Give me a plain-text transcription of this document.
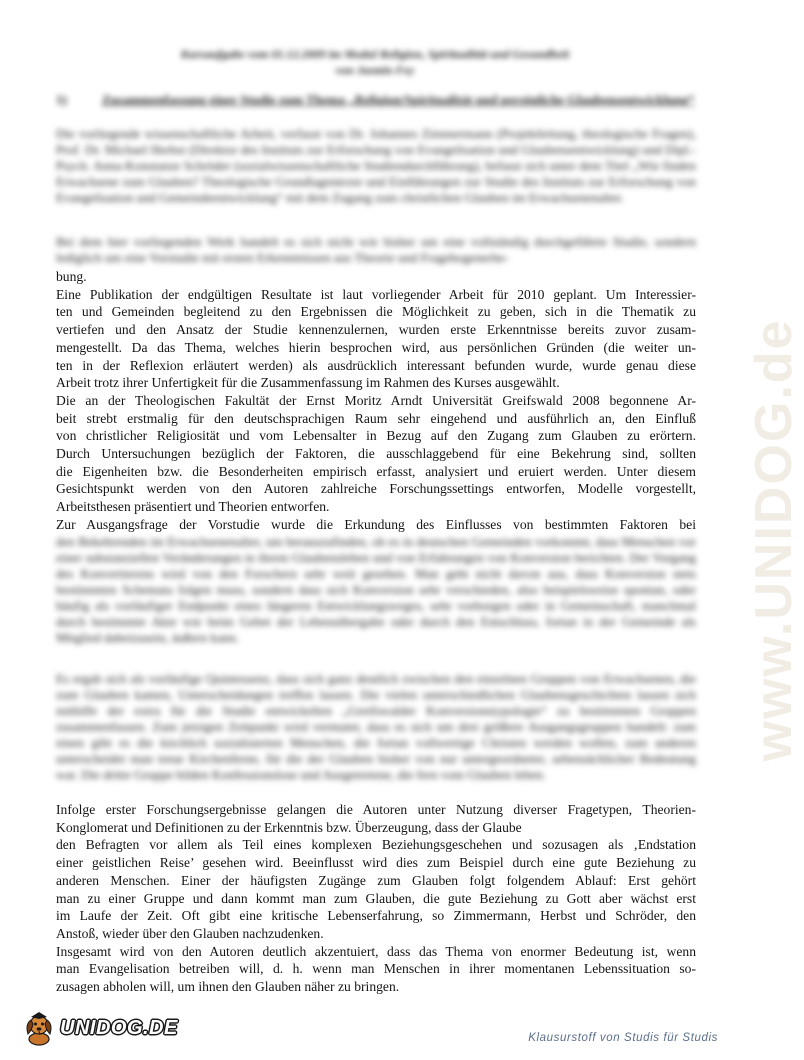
www.UNIDOG.de
Kursaufgabe vom 01.12.2009 im Modul Religion, Spiritualität und Gesundheit
von Jasmin Fey
1)	Zusammenfassung einer Studie zum Thema „Religion/Spiritualität und persönliche Glaubensentwicklung“

Die vorliegende wissenschaftliche Arbeit, verfasst von Dr. Johannes Zimmermann (Projektleitung, theologische Fragen), Prof. Dr. Michael Herbst (Direktor des Instituts zur Erforschung von Evangelisation und Glaubensentwicklung) und Dipl.-Psych. Anna-Konstanze Schröder (sozialwissenschaftliche Studiendurchführung), befasst sich unter dem Titel „Wie finden Erwachsene zum Glauben? Theologische Grundlagentexte und Einführungen zur Studie des Instituts zur Erforschung von Evangelisation und Gemeindeentwicklung“ mit dem Zugang zum christlichen Glauben im Erwachsenenalter.

Bei dem hier vorliegenden Werk handelt es sich nicht wie bisher um eine vollständig durchgeführte Studie, sondern lediglich um eine Vorstudie mit ersten Erkenntnissen aus Theorie und Fragebogenerhe-

bung.
Eine Publikation der endgültigen Resultate ist laut vorliegender Arbeit für 2010 geplant. Um Interessier-
ten und Gemeinden begleitend zu den Ergebnissen die Möglichkeit zu geben, sich in die Thematik zu
vertiefen und den Ansatz der Studie kennenzulernen, wurden erste Erkenntnisse bereits zuvor zusam-
mengestellt. Da das Thema, welches hierin besprochen wird, aus persönlichen Gründen (die weiter un-
ten in der Reflexion erläutert werden) als ausdrücklich interessant befunden wurde, wurde genau diese
Arbeit trotz ihrer Unfertigkeit für die Zusammenfassung im Rahmen des Kurses ausgewählt.
Die an der Theologischen Fakultät der Ernst Moritz Arndt Universität Greifswald 2008 begonnene Ar-
beit strebt erstmalig für den deutschsprachigen Raum sehr eingehend und ausführlich an, den Einfluß
von christlicher Religiosität und vom Lebensalter in Bezug auf den Zugang zum Glauben zu erörtern.
Durch Untersuchungen bezüglich der Faktoren, die ausschlaggebend für eine Bekehrung sind, sollten
die Eigenheiten bzw. die Besonderheiten empirisch erfasst, analysiert und eruiert werden. Unter diesem
Gesichtspunkt werden von den Autoren zahlreiche Forschungssettings entworfen, Modelle vorgestellt,
Arbeitsthesen präsentiert und Theorien entworfen.
Zur Ausgangsfrage der Vorstudie wurde die Erkundung des Einflusses von bestimmten Faktoren bei

den Bekehrenden im Erwachsenenalter, um herauszufinden, ob es in deutschen Gemeinden vorkommt, dass Menschen vor einer substanziellen Veränderungen in ihrem Glaubensleben und von Erfahrungen von Konversion berichten. Der Vorgang des Konvertierens wird von den Forschern sehr weit gesehen. Man geht nicht davon aus, dass Konversion stets bestimmten Schemata folgen muss, sondern dass sich Konversion sehr verschieden, also beispielsweise spontan, oder häufig als vorläufiger Endpunkt eines längeren Entwicklungsweges, sehr vorborgen oder in Gemeinschaft, manchmal durch bestimmte Akte wie beim Gebet der Lebensübergabe oder durch den Entschluss, fortan in der Gemeinde als Mitglied dabeizusein, äußern kann.

Es ergab sich als vorläufige Quintessenz, dass sich ganz deutlich zwischen den einzelnen Gruppen von Erwachsenen, die zum Glauben kamen, Unterscheidungen treffen lassen. Die vielen unterschiedlichen Glaubensgeschichten lassen sich mithilfe der extra für die Studie entwickelten „Greifswalder Konversionstypologie“ zu bestimmten Gruppen zusammenfassen. Zum jetzigen Zeitpunkt wird vermutet, dass es sich um drei größere Ausgangsgruppen handelt: zum einen gibt es die kirchlich sozialisierten Menschen, die fortan vollwertige Christen werden wollen, zum anderen unterscheidet man treue Kirchenferne, für die der Glauben bisher von nur untergeordneter, sebensächlicher Bedeutung war. Die dritte Gruppe bilden Konfessionslose und Ausgetretene, die fern vom Glauben leben.

Infolge erster Forschungsergebnisse gelangen die Autoren unter Nutzung diverser Fragetypen, Theorien-
Konglomerat und Definitionen zu der Erkenntnis bzw. Überzeugung, dass der Glaube
den Befragten vor allem als Teil eines komplexen Beziehungsgeschehen und sozusagen als ‚Endstation
einer geistlichen Reise’ gesehen wird. Beeinflusst wird dies zum Beispiel durch eine gute Beziehung zu
anderen Menschen. Einer der häufigsten Zugänge zum Glauben folgt folgendem Ablauf: Erst gehört
man zu einer Gruppe und dann kommt man zum Glauben, die gute Beziehung zu Gott aber wächst erst
im Laufe der Zeit. Oft gibt eine kritische Lebenserfahrung, so Zimmermann, Herbst und Schröder, den
Anstoß, wieder über den Glauben nachzudenken.
Insgesamt wird von den Autoren deutlich akzentuiert, dass das Thema von enormer Bedeutung ist, wenn
man Evangelisation betreiben will, d. h. wenn man Menschen in ihrer momentanen Lebenssituation so-
zusagen abholen will, um ihnen den Glauben näher zu bringen.
UNIDOG.DE	Klausurstoff von Studis für Studis
